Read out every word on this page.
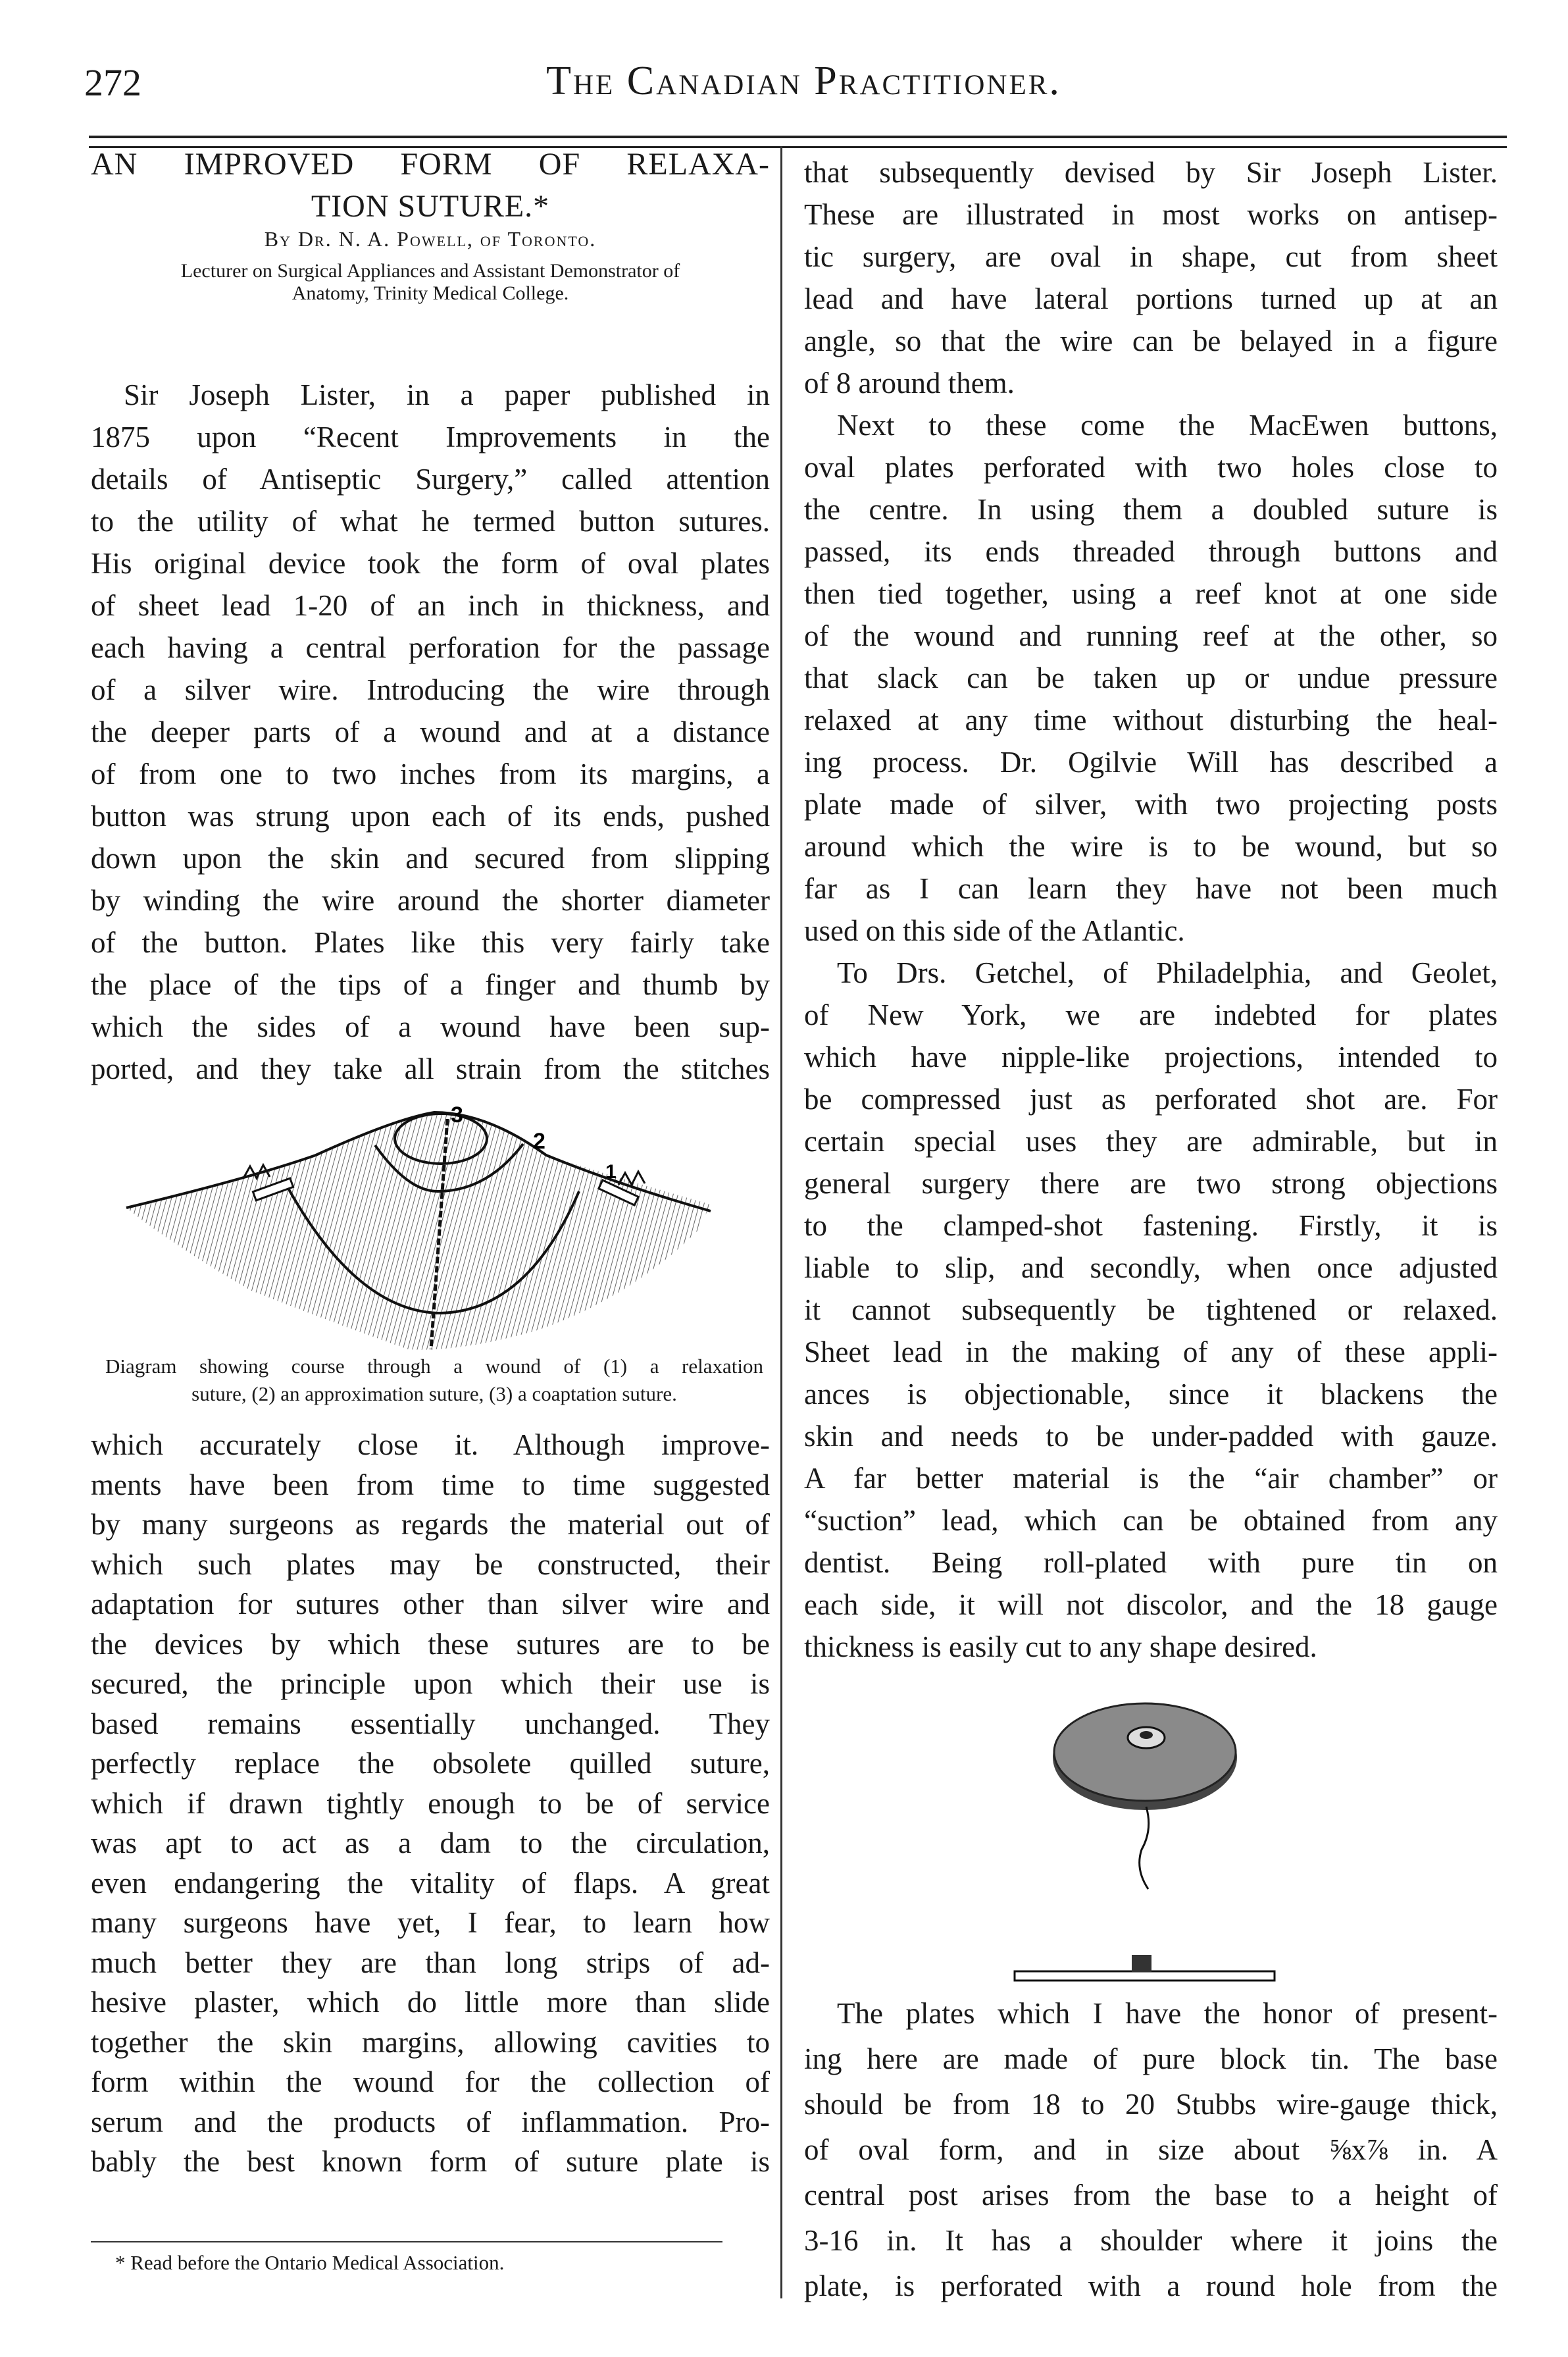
272	The Canadian Practitioner.
AN IMPROVED FORM OF RELAXA-
TION SUTURE.*
By Dr. N. A. Powell, of Toronto.
Lecturer on Surgical Appliances and Assistant Demonstrator of
Anatomy, Trinity Medical College.
Sir Joseph Lister, in a paper published in
1875 upon “Recent Improvements in the
details of Antiseptic Surgery,” called attention
to the utility of what he termed button sutures.
His original device took the form of oval plates
of sheet lead 1-20 of an inch in thickness, and
each having a central perforation for the passage
of a silver wire. Introducing the wire through
the deeper parts of a wound and at a distance
of from one to two inches from its margins, a
button was strung upon each of its ends, pushed
down upon the skin and secured from slipping
by winding the wire around the shorter diameter
of the button. Plates like this very fairly take
the place of the tips of a finger and thumb by
which the sides of a wound have been sup-
ported, and they take all strain from the stitches
3
2
1
Diagram showing course through a wound of (1) a relaxation
suture, (2) an approximation suture, (3) a coaptation suture.
which accurately close it. Although improve-
ments have been from time to time suggested
by many surgeons as regards the material out of
which such plates may be constructed, their
adaptation for sutures other than silver wire and
the devices by which these sutures are to be
secured, the principle upon which their use is
based remains essentially unchanged. They
perfectly replace the obsolete quilled suture,
which if drawn tightly enough to be of service
was apt to act as a dam to the circulation,
even endangering the vitality of flaps. A great
many surgeons have yet, I fear, to learn how
much better they are than long strips of ad-
hesive plaster, which do little more than slide
together the skin margins, allowing cavities to
form within the wound for the collection of
serum and the products of inflammation. Pro-
bably the best known form of suture plate is
* Read before the Ontario Medical Association.
that subsequently devised by Sir Joseph Lister.
These are illustrated in most works on antisep-
tic surgery, are oval in shape, cut from sheet
lead and have lateral portions turned up at an
angle, so that the wire can be belayed in a figure
of 8 around them.
Next to these come the MacEwen buttons,
oval plates perforated with two holes close to
the centre. In using them a doubled suture is
passed, its ends threaded through buttons and
then tied together, using a reef knot at one side
of the wound and running reef at the other, so
that slack can be taken up or undue pressure
relaxed at any time without disturbing the heal-
ing process. Dr. Ogilvie Will has described a
plate made of silver, with two projecting posts
around which the wire is to be wound, but so
far as I can learn they have not been much
used on this side of the Atlantic.
To Drs. Getchel, of Philadelphia, and Geolet,
of New York, we are indebted for plates
which have nipple-like projections, intended to
be compressed just as perforated shot are. For
certain special uses they are admirable, but in
general surgery there are two strong objections
to the clamped-shot fastening. Firstly, it is
liable to slip, and secondly, when once adjusted
it cannot subsequently be tightened or relaxed.
Sheet lead in the making of any of these appli-
ances is objectionable, since it blackens the
skin and needs to be under-padded with gauze.
A far better material is the “air chamber” or
“suction” lead, which can be obtained from any
dentist. Being roll-plated with pure tin on
each side, it will not discolor, and the 18 gauge
thickness is easily cut to any shape desired.
The plates which I have the honor of present-
ing here are made of pure block tin. The base
should be from 18 to 20 Stubbs wire-gauge thick,
of oval form, and in size about ⅝x⅞ in. A
central post arises from the base to a height of
3-16 in. It has a shoulder where it joins the
plate, is perforated with a round hole from the
